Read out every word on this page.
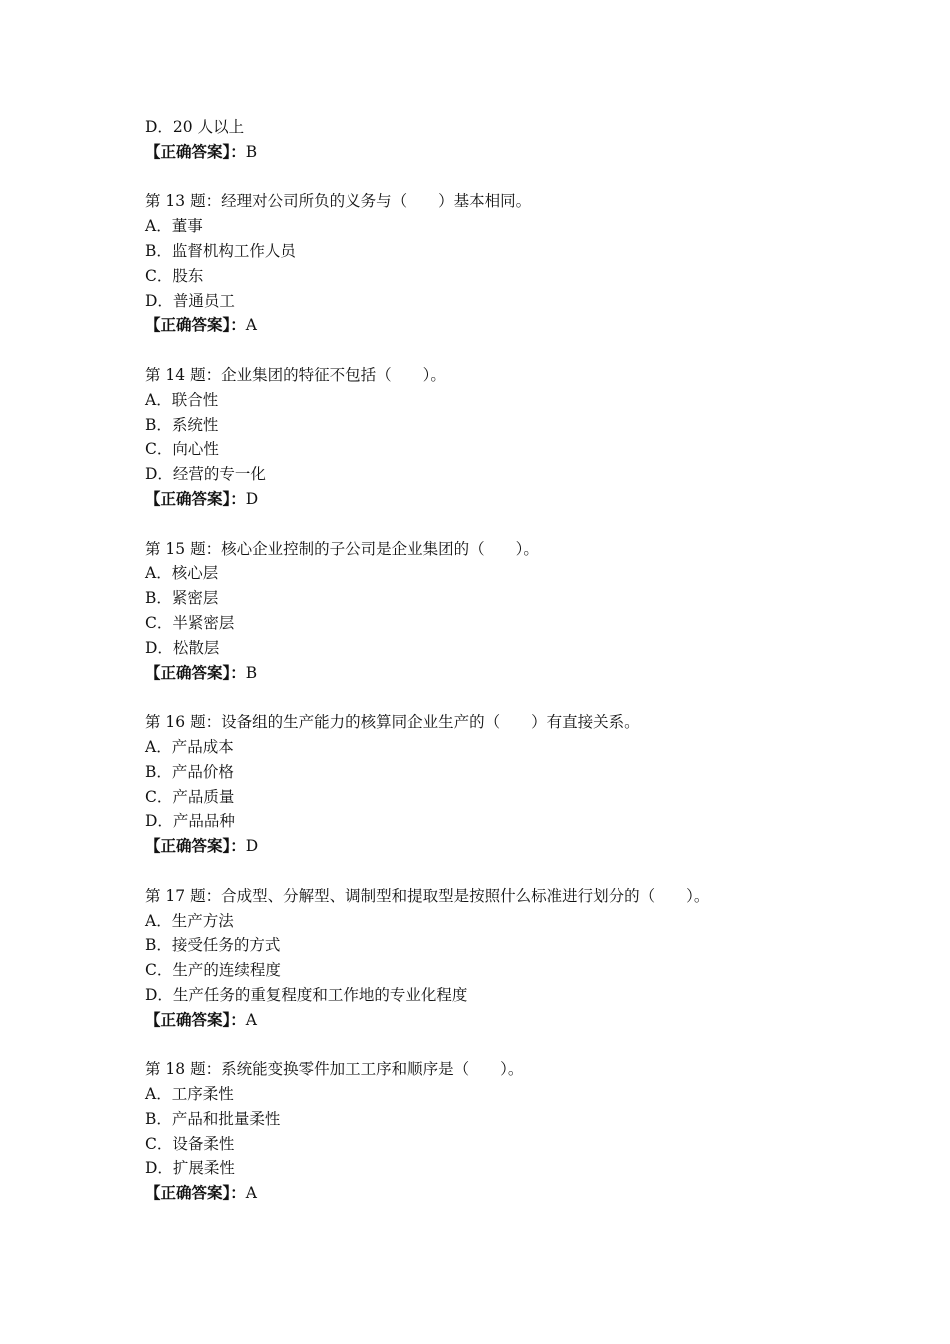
D．20 人以上
【正确答案】：B
第 13 题：经理对公司所负的义务与（　　）基本相同。
A．董事
B．监督机构工作人员
C．股东
D．普通员工
【正确答案】：A
第 14 题：企业集团的特征不包括（　　）。
A．联合性
B．系统性
C．向心性
D．经营的专一化
【正确答案】：D
第 15 题：核心企业控制的子公司是企业集团的（　　）。
A．核心层
B．紧密层
C．半紧密层
D．松散层
【正确答案】：B
第 16 题：设备组的生产能力的核算同企业生产的（　　）有直接关系。
A．产品成本
B．产品价格
C．产品质量
D．产品品种
【正确答案】：D
第 17 题：合成型、分解型、调制型和提取型是按照什么标准进行划分的（　　）。
A．生产方法
B．接受任务的方式
C．生产的连续程度
D．生产任务的重复程度和工作地的专业化程度
【正确答案】：A
第 18 题：系统能变换零件加工工序和顺序是（　　）。
A．工序柔性
B．产品和批量柔性
C．设备柔性
D．扩展柔性
【正确答案】：A
